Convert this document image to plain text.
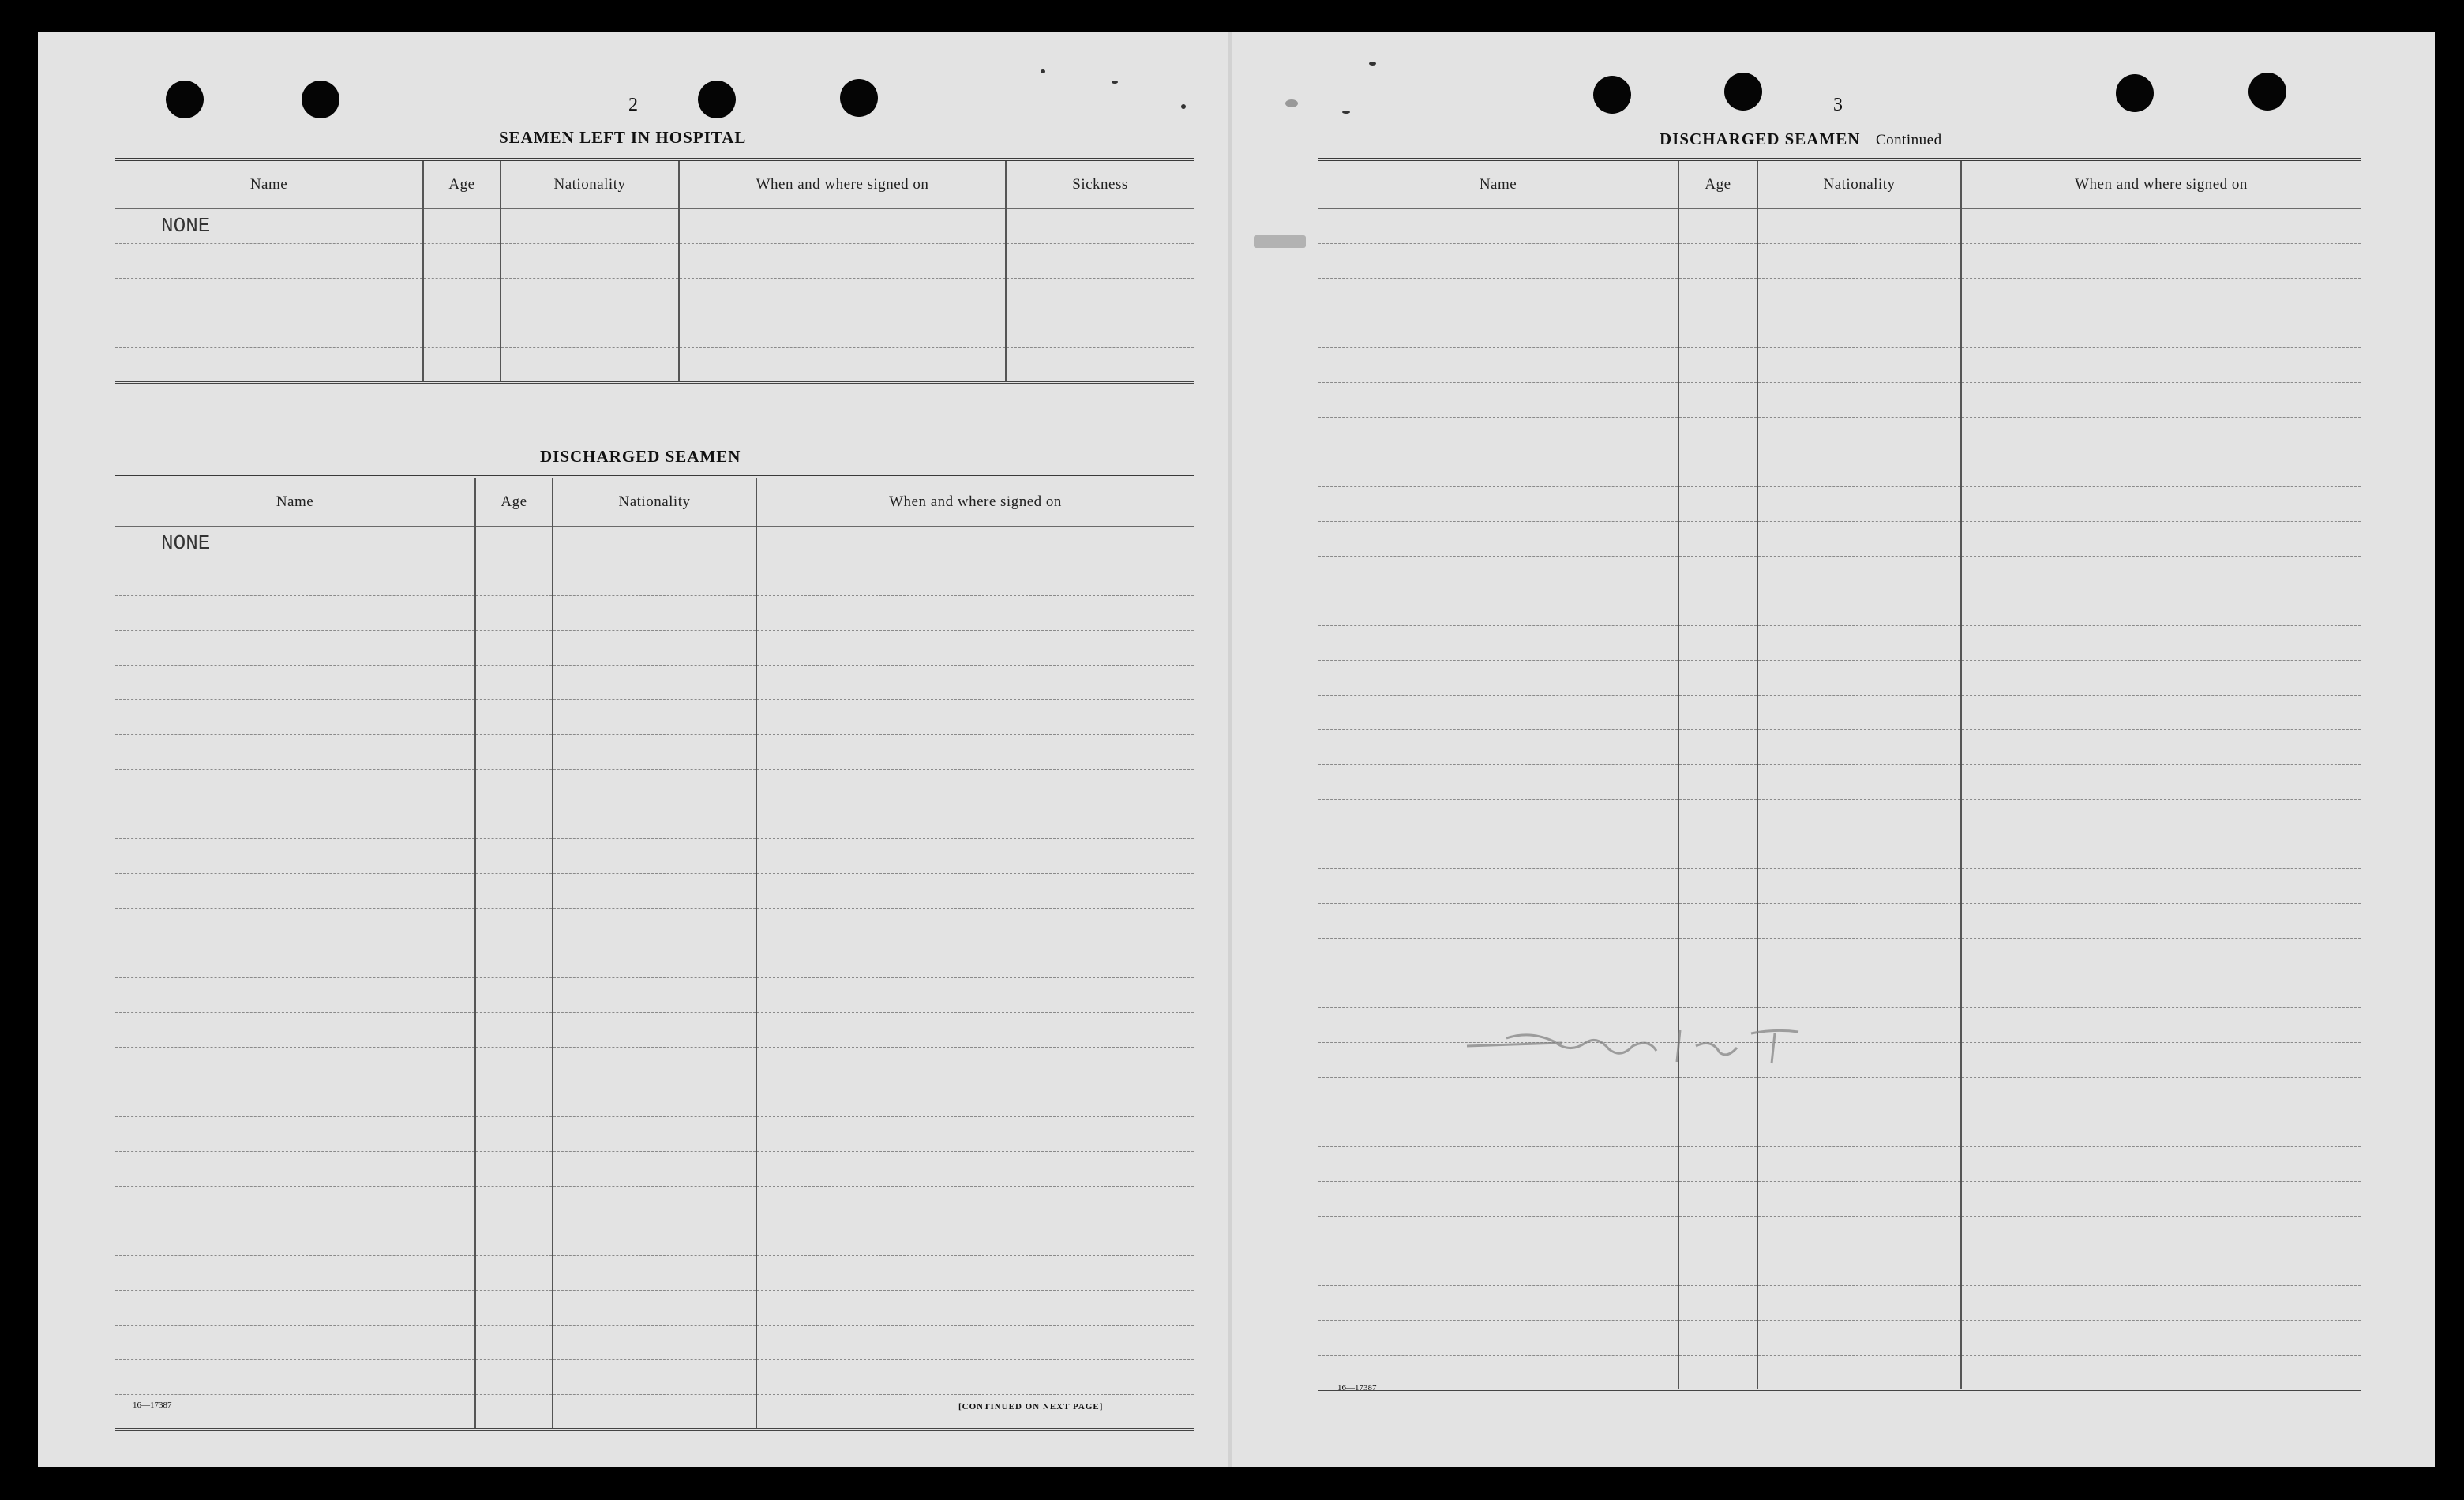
2
SEAMEN LEFT IN HOSPITAL
Name	Age	Nationality	When and where signed on	Sickness

NONE				

DISCHARGED SEAMEN
Name	Age	Nationality	When and where signed on

NONE			

16—17387	[CONTINUED ON NEXT PAGE]
3
DISCHARGED SEAMEN—Continued
Name	Age	Nationality	When and where signed on

16—17387
